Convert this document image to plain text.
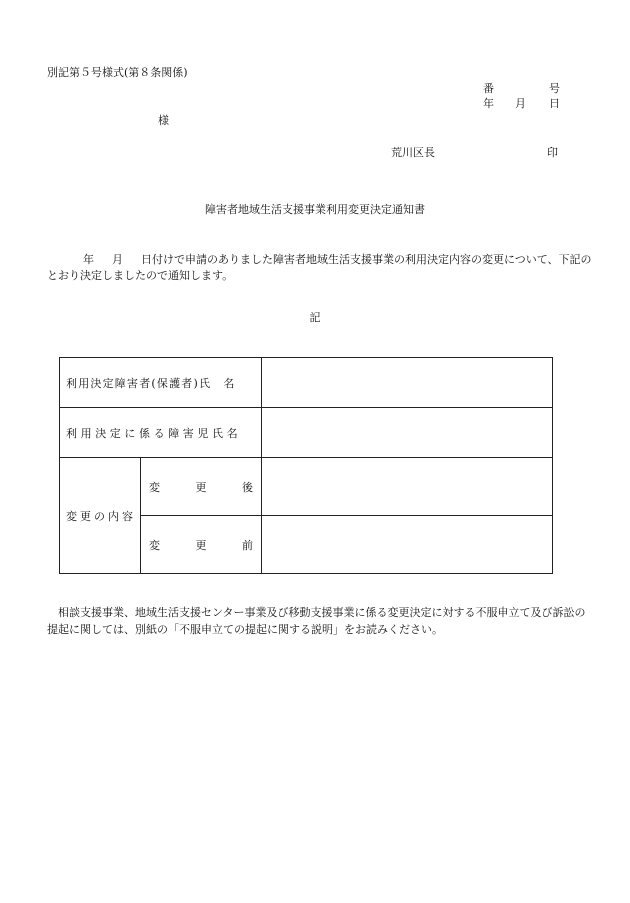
別記第５号様式(第８条関係)
番	号
年 月 日
様
荒川区長	印
障害者地域生活支援事業利用変更決定通知書
年 月 日付けで申請のありました障害者地域生活支援事業の利用決定内容の変更について、下記のとおり決定しましたので通知します。
記
利用決定障害者(保護者)氏　名		
利用決定に係る障害児氏名		
変更の内容	変 更 後	

	変 更 前	

相談支援事業、地域生活支援センター事業及び移動支援事業に係る変更決定に対する不服申立て及び訴訟の提起に関しては、別紙の「不服申立ての提起に関する説明」をお読みください。
